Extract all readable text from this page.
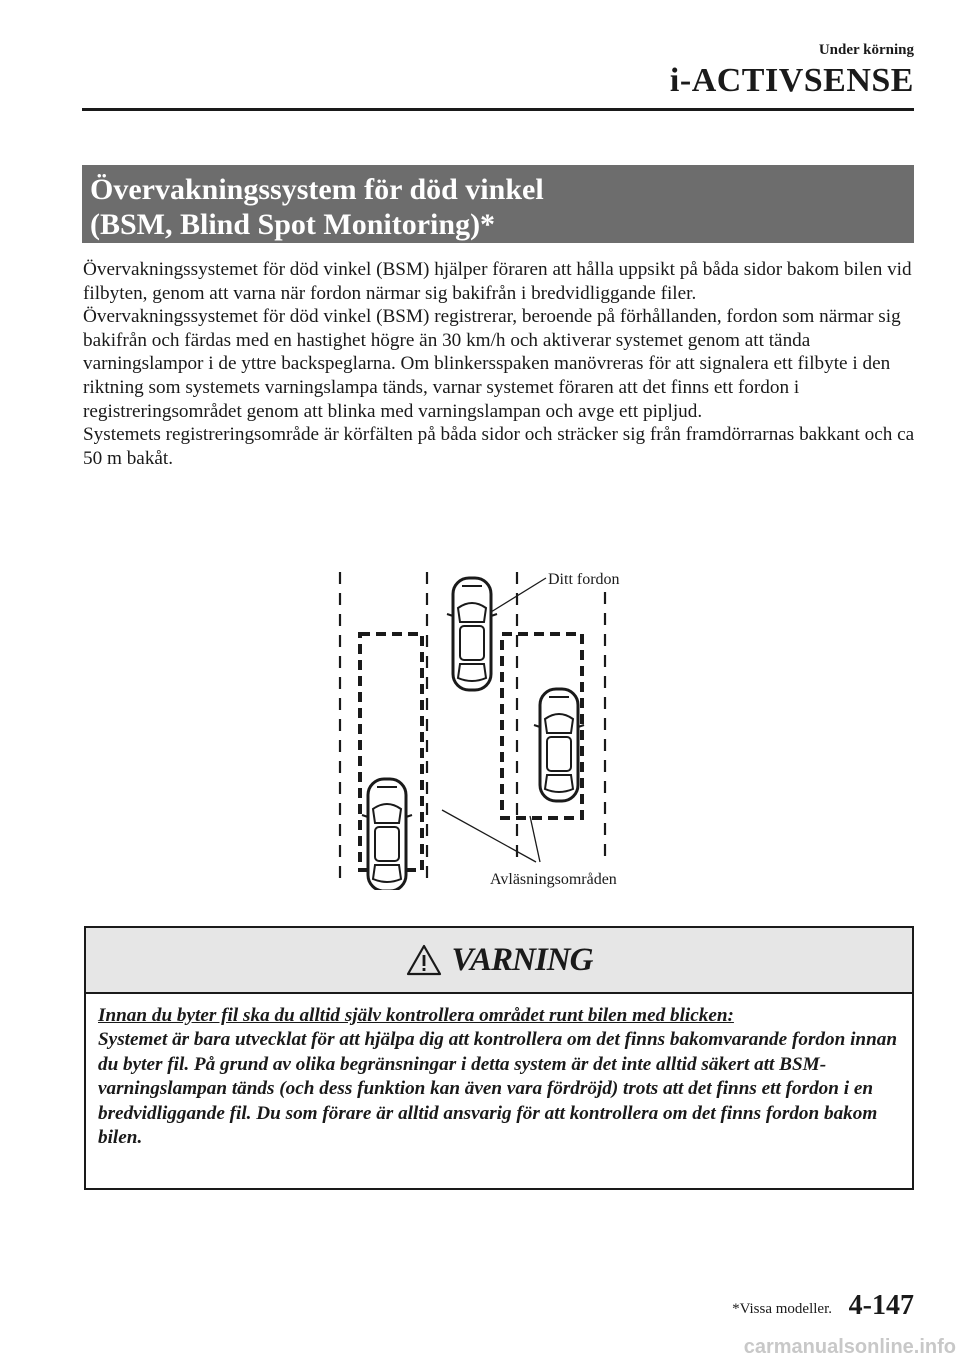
Under körning
i-ACTIVSENSE
Övervakningssystem för död vinkel
(BSM, Blind Spot Monitoring)*

Övervakningssystemet för död vinkel (BSM) hjälper föraren att hålla uppsikt på båda sidor bakom bilen vid filbyten, genom att varna när fordon närmar sig bakifrån i bredvidliggande filer.

Övervakningssystemet för död vinkel (BSM) registrerar, beroende på förhållanden, fordon som närmar sig bakifrån och färdas med en hastighet högre än 30 km/h och aktiverar systemet genom att tända varningslampor i de yttre backspeglarna. Om blinkersspaken manövreras för att signalera ett filbyte i den riktning som systemets varningslampa tänds, varnar systemet föraren att det finns ett fordon i registreringsområdet genom att blinka med varningslampan och avge ett pipljud.

Systemets registreringsområde är körfälten på båda sidor och sträcker sig från framdörrarnas bakkant och ca 50 m bakåt.

Ditt fordon
Avläsningsområden
VARNING

Innan du byter fil ska du alltid själv kontrollera området runt bilen med blicken:

Systemet är bara utvecklat för att hjälpa dig att kontrollera om det finns bakomvarande fordon innan du byter fil. På grund av olika begränsningar i detta system är det inte alltid säkert att BSM-varningslampan tänds (och dess funktion kan även vara fördröjd) trots att det finns ett fordon i en bredvidliggande fil. Du som förare är alltid ansvarig för att kontrollera om det finns fordon bakom bilen.

*Vissa modeller. 4-147
carmanualsonline.info
